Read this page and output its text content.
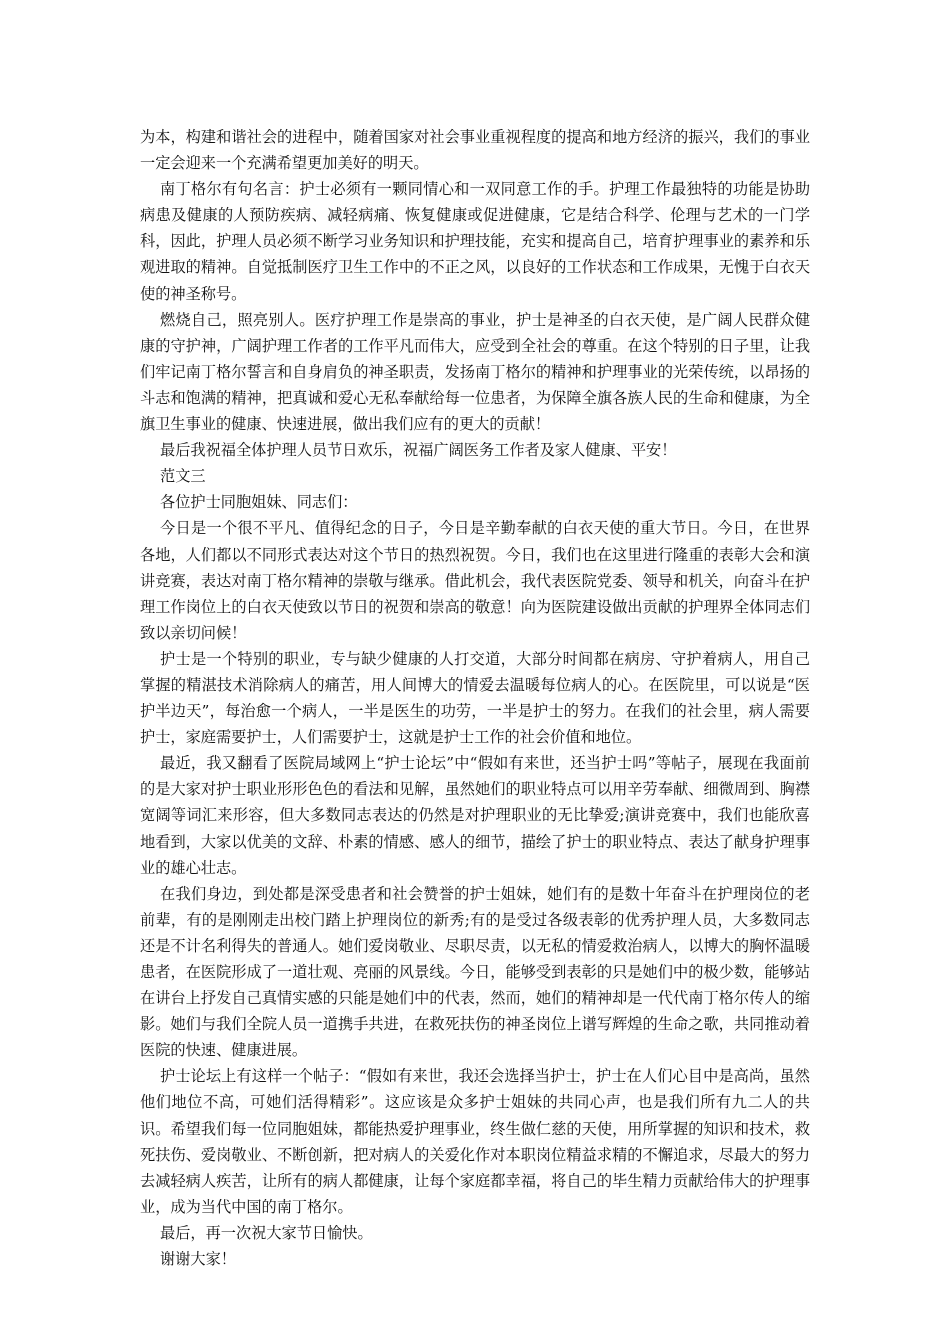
为本，构建和谐社会的进程中，随着国家对社会事业重视程度的提高和地方经济的振兴，我们的事业一定会迎来一个充满希望更加美好的明天。

南丁格尔有句名言：护士必须有一颗同情心和一双同意工作的手。护理工作最独特的功能是协助病患及健康的人预防疾病、减轻病痛、恢复健康或促进健康，它是结合科学、伦理与艺术的一门学科，因此，护理人员必须不断学习业务知识和护理技能，充实和提高自己，培育护理事业的素养和乐观进取的精神。自觉抵制医疗卫生工作中的不正之风，以良好的工作状态和工作成果，无愧于白衣天使的神圣称号。

燃烧自己，照亮别人。医疗护理工作是崇高的事业，护士是神圣的白衣天使，是广阔人民群众健康的守护神，广阔护理工作者的工作平凡而伟大，应受到全社会的尊重。在这个特别的日子里，让我们牢记南丁格尔誓言和自身肩负的神圣职责，发扬南丁格尔的精神和护理事业的光荣传统，以昂扬的斗志和饱满的精神，把真诚和爱心无私奉献给每一位患者，为保障全旗各族人民的生命和健康，为全旗卫生事业的健康、快速进展，做出我们应有的更大的贡献！

最后我祝福全体护理人员节日欢乐，祝福广阔医务工作者及家人健康、平安！

范文三

各位护士同胞姐妹、同志们：

今日是一个很不平凡、值得纪念的日子，今日是辛勤奉献的白衣天使的重大节日。今日，在世界各地，人们都以不同形式表达对这个节日的热烈祝贺。今日，我们也在这里进行隆重的表彰大会和演讲竞赛，表达对南丁格尔精神的崇敬与继承。借此机会，我代表医院党委、领导和机关，向奋斗在护理工作岗位上的白衣天使致以节日的祝贺和崇高的敬意！向为医院建设做出贡献的护理界全体同志们致以亲切问候！

护士是一个特别的职业，专与缺少健康的人打交道，大部分时间都在病房、守护着病人，用自己掌握的精湛技术消除病人的痛苦，用人间博大的情爱去温暖每位病人的心。在医院里，可以说是“医护半边天”，每治愈一个病人，一半是医生的功劳，一半是护士的努力。在我们的社会里，病人需要护士，家庭需要护士，人们需要护士，这就是护士工作的社会价值和地位。

最近，我又翻看了医院局域网上“护士论坛”中“假如有来世，还当护士吗”等帖子，展现在我面前的是大家对护士职业形形色色的看法和见解，虽然她们的职业特点可以用辛劳奉献、细微周到、胸襟宽阔等词汇来形容，但大多数同志表达的仍然是对护理职业的无比挚爱;演讲竞赛中，我们也能欣喜地看到，大家以优美的文辞、朴素的情感、感人的细节，描绘了护士的职业特点、表达了献身护理事业的雄心壮志。

在我们身边，到处都是深受患者和社会赞誉的护士姐妹，她们有的是数十年奋斗在护理岗位的老前辈，有的是刚刚走出校门踏上护理岗位的新秀;有的是受过各级表彰的优秀护理人员，大多数同志还是不计名利得失的普通人。她们爱岗敬业、尽职尽责，以无私的情爱救治病人，以博大的胸怀温暖患者，在医院形成了一道壮观、亮丽的风景线。今日，能够受到表彰的只是她们中的极少数，能够站在讲台上抒发自己真情实感的只能是她们中的代表，然而，她们的精神却是一代代南丁格尔传人的缩影。她们与我们全院人员一道携手共进，在救死扶伤的神圣岗位上谱写辉煌的生命之歌，共同推动着医院的快速、健康进展。

护士论坛上有这样一个帖子：“假如有来世，我还会选择当护士，护士在人们心目中是高尚，虽然他们地位不高，可她们活得精彩”。这应该是众多护士姐妹的共同心声，也是我们所有九二人的共识。希望我们每一位同胞姐妹，都能热爱护理事业，终生做仁慈的天使，用所掌握的知识和技术，救死扶伤、爱岗敬业、不断创新，把对病人的关爱化作对本职岗位精益求精的不懈追求，尽最大的努力去减轻病人疾苦，让所有的病人都健康，让每个家庭都幸福，将自己的毕生精力贡献给伟大的护理事业，成为当代中国的南丁格尔。

最后，再一次祝大家节日愉快。

谢谢大家！
